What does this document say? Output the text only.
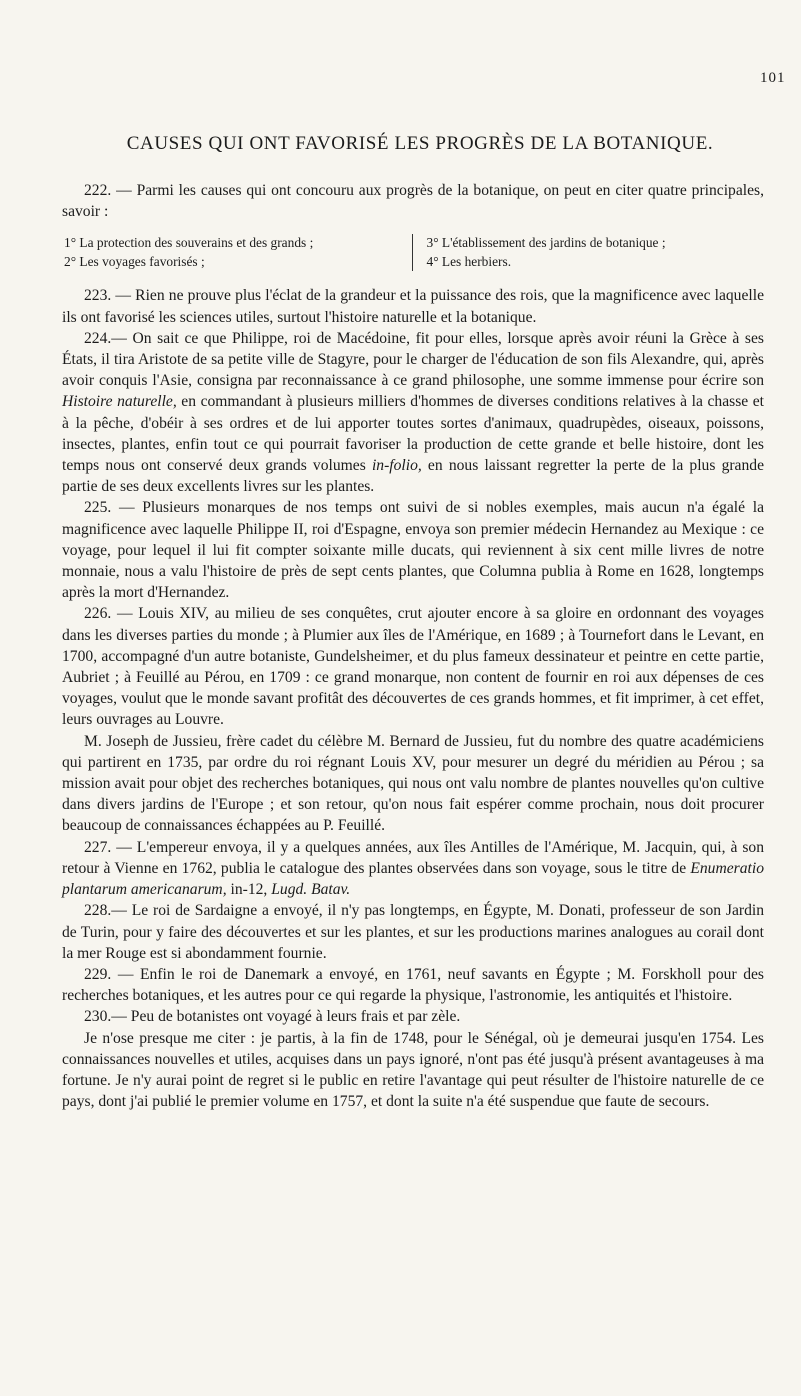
101
CAUSES QUI ONT FAVORISÉ LES PROGRÈS DE LA BOTANIQUE.

222. — Parmi les causes qui ont concouru aux progrès de la botanique, on peut en citer quatre principales, savoir :

1° La protection des souverains et des grands ;
2° Les voyages favorisés ;
3° L'établissement des jardins de botanique ;
4° Les herbiers.

223. — Rien ne prouve plus l'éclat de la grandeur et la puissance des rois, que la magnificence avec laquelle ils ont favorisé les sciences utiles, surtout l'histoire naturelle et la botanique.

224.— On sait ce que Philippe, roi de Macédoine, fit pour elles, lorsque après avoir réuni la Grèce à ses États, il tira Aristote de sa petite ville de Stagyre, pour le charger de l'éducation de son fils Alexandre, qui, après avoir conquis l'Asie, consigna par reconnaissance à ce grand philosophe, une somme immense pour écrire son Histoire naturelle, en commandant à plusieurs milliers d'hommes de diverses conditions relatives à la chasse et à la pêche, d'obéir à ses ordres et de lui apporter toutes sortes d'animaux, quadrupèdes, oiseaux, poissons, insectes, plantes, enfin tout ce qui pourrait favoriser la production de cette grande et belle histoire, dont les temps nous ont conservé deux grands volumes in-folio, en nous laissant regretter la perte de la plus grande partie de ses deux excellents livres sur les plantes.

225. — Plusieurs monarques de nos temps ont suivi de si nobles exemples, mais aucun n'a égalé la magnificence avec laquelle Philippe II, roi d'Espagne, envoya son premier médecin Hernandez au Mexique : ce voyage, pour lequel il lui fit compter soixante mille ducats, qui reviennent à six cent mille livres de notre monnaie, nous a valu l'histoire de près de sept cents plantes, que Columna publia à Rome en 1628, longtemps après la mort d'Hernandez.

226. — Louis XIV, au milieu de ses conquêtes, crut ajouter encore à sa gloire en ordonnant des voyages dans les diverses parties du monde ; à Plumier aux îles de l'Amérique, en 1689 ; à Tournefort dans le Levant, en 1700, accompagné d'un autre botaniste, Gundelsheimer, et du plus fameux dessinateur et peintre en cette partie, Aubriet ; à Feuillé au Pérou, en 1709 : ce grand monarque, non content de fournir en roi aux dépenses de ces voyages, voulut que le monde savant profitât des découvertes de ces grands hommes, et fit imprimer, à cet effet, leurs ouvrages au Louvre.

M. Joseph de Jussieu, frère cadet du célèbre M. Bernard de Jussieu, fut du nombre des quatre académiciens qui partirent en 1735, par ordre du roi régnant Louis XV, pour mesurer un degré du méridien au Pérou ; sa mission avait pour objet des recherches botaniques, qui nous ont valu nombre de plantes nouvelles qu'on cultive dans divers jardins de l'Europe ; et son retour, qu'on nous fait espérer comme prochain, nous doit procurer beaucoup de connaissances échappées au P. Feuillé.

227. — L'empereur envoya, il y a quelques années, aux îles Antilles de l'Amérique, M. Jacquin, qui, à son retour à Vienne en 1762, publia le catalogue des plantes observées dans son voyage, sous le titre de Enumeratio plantarum americanarum, in-12, Lugd. Batav.

228.— Le roi de Sardaigne a envoyé, il n'y pas longtemps, en Égypte, M. Donati, professeur de son Jardin de Turin, pour y faire des découvertes et sur les plantes, et sur les productions marines analogues au corail dont la mer Rouge est si abondamment fournie.

229. — Enfin le roi de Danemark a envoyé, en 1761, neuf savants en Égypte ; M. Forskholl pour des recherches botaniques, et les autres pour ce qui regarde la physique, l'astronomie, les antiquités et l'histoire.

230.— Peu de botanistes ont voyagé à leurs frais et par zèle.

Je n'ose presque me citer : je partis, à la fin de 1748, pour le Sénégal, où je demeurai jusqu'en 1754. Les connaissances nouvelles et utiles, acquises dans un pays ignoré, n'ont pas été jusqu'à présent avantageuses à ma fortune. Je n'y aurai point de regret si le public en retire l'avantage qui peut résulter de l'histoire naturelle de ce pays, dont j'ai publié le premier volume en 1757, et dont la suite n'a été suspendue que faute de secours.
